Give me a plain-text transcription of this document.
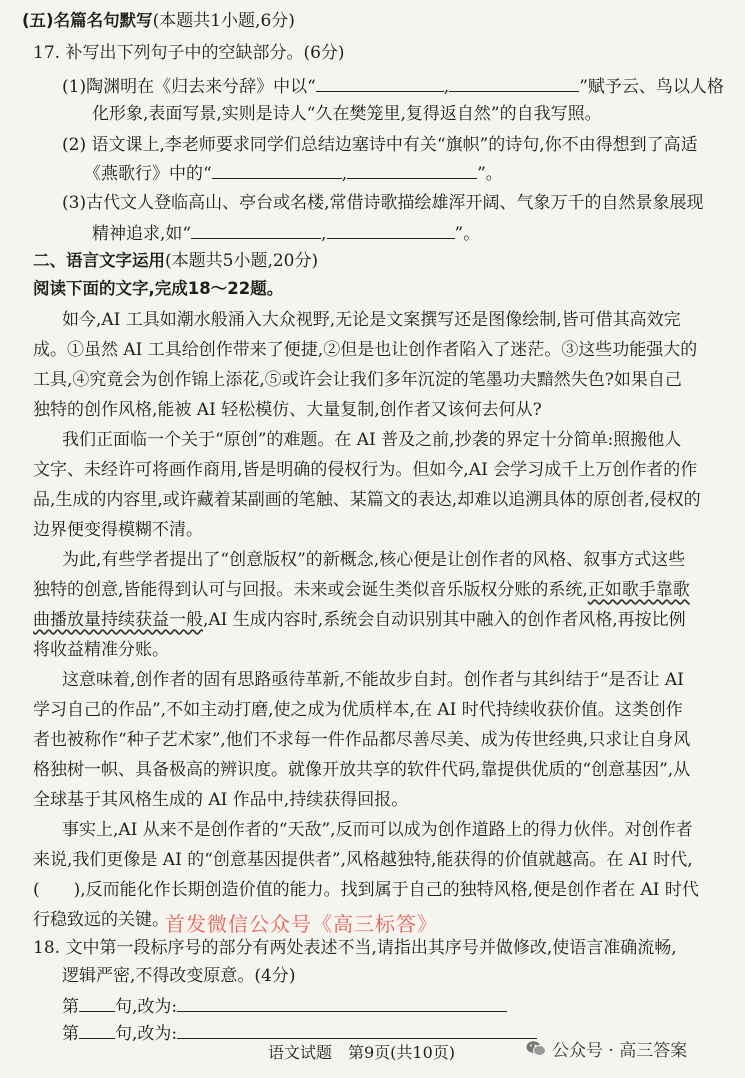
(五)名篇名句默写(本题共1小题,6分)
17. 补写出下列句子中的空缺部分。(6分)
(1)陶渊明在《归去来兮辞》中以“	,	”赋予云、鸟以人格
化形象,表面写景,实则是诗人“久在樊笼里,复得返自然”的自我写照。
(2) 语文课上,李老师要求同学们总结边塞诗中有关“旗帜”的诗句,你不由得想到了高适
《燕歌行》中的“	,	”。
(3)古代文人登临高山、亭台或名楼,常借诗歌描绘雄浑开阔、气象万千的自然景象展现
精神追求,如“	,	”。
二、语言文字运用(本题共5小题,20分)
阅读下面的文字,完成18～22题。
如今,AI 工具如潮水般涌入大众视野,无论是文案撰写还是图像绘制,皆可借其高效完
成。①虽然 AI 工具给创作带来了便捷,②但是也让创作者陷入了迷茫。③这些功能强大的
工具,④究竟会为创作锦上添花,⑤或许会让我们多年沉淀的笔墨功夫黯然失色?如果自己
独特的创作风格,能被 AI 轻松模仿、大量复制,创作者又该何去何从?
我们正面临一个关于“原创”的难题。在 AI 普及之前,抄袭的界定十分简单:照搬他人
文字、未经许可将画作商用,皆是明确的侵权行为。但如今,AI 会学习成千上万创作者的作
品,生成的内容里,或许藏着某副画的笔触、某篇文的表达,却难以追溯具体的原创者,侵权的
边界便变得模糊不清。
为此,有些学者提出了“创意版权”的新概念,核心便是让创作者的风格、叙事方式这些
独特的创意,皆能得到认可与回报。未来或会诞生类似音乐版权分账的系统,正如歌手靠歌
曲播放量持续获益一般,AI 生成内容时,系统会自动识别其中融入的创作者风格,再按比例
将收益精准分账。
这意味着,创作者的固有思路亟待革新,不能故步自封。创作者与其纠结于“是否让 AI
学习自己的作品”,不如主动打磨,使之成为优质样本,在 AI 时代持续收获价值。这类创作
者也被称作“种子艺术家”,他们不求每一件作品都尽善尽美、成为传世经典,只求让自身风
格独树一帜、具备极高的辨识度。就像开放共享的软件代码,靠提供优质的“创意基因”,从
全球基于其风格生成的 AI 作品中,持续获得回报。
事实上,AI 从来不是创作者的“天敌”,反而可以成为创作道路上的得力伙伴。对创作者
来说,我们更像是 AI 的“创意基因提供者”,风格越独特,能获得的价值就越高。在 AI 时代,
(　　),反而能化作长期创造价值的能力。找到属于自己的独特风格,便是创作者在 AI 时代
行稳致远的关键。
18. 文中第一段标序号的部分有两处表述不当,请指出其序号并做修改,使语言准确流畅,
逻辑严密,不得改变原意。(4分)
第 句,改为:
第 句,改为:
首发微信公众号《高三标答》
语文试题　第9页(共10页)	公众号 · 高三答案
